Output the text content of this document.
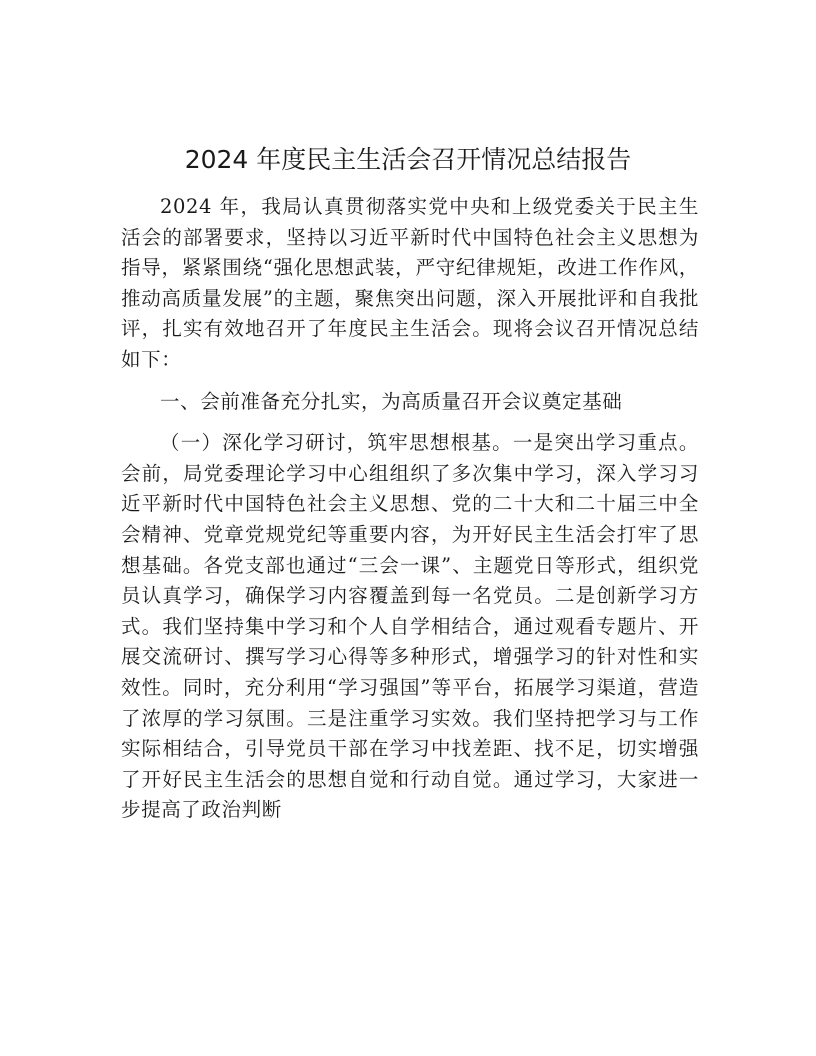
2024 年度民主生活会召开情况总结报告

2024 年，我局认真贯彻落实党中央和上级党委关于民主生活会的部署要求，坚持以习近平新时代中国特色社会主义思想为指导，紧紧围绕“强化思想武装，严守纪律规矩，改进工作作风，推动高质量发展”的主题，聚焦突出问题，深入开展批评和自我批评，扎实有效地召开了年度民主生活会。现将会议召开情况总结如下：

一、会前准备充分扎实，为高质量召开会议奠定基础

（一）深化学习研讨，筑牢思想根基。一是突出学习重点。会前，局党委理论学习中心组组织了多次集中学习，深入学习习近平新时代中国特色社会主义思想、党的二十大和二十届三中全会精神、党章党规党纪等重要内容，为开好民主生活会打牢了思想基础。各党支部也通过“三会一课”、主题党日等形式，组织党员认真学习，确保学习内容覆盖到每一名党员。二是创新学习方式。我们坚持集中学习和个人自学相结合，通过观看专题片、开展交流研讨、撰写学习心得等多种形式，增强学习的针对性和实效性。同时，充分利用“学习强国”等平台，拓展学习渠道，营造了浓厚的学习氛围。三是注重学习实效。我们坚持把学习与工作实际相结合，引导党员干部在学习中找差距、找不足，切实增强了开好民主生活会的思想自觉和行动自觉。通过学习，大家进一步提高了政治判断
